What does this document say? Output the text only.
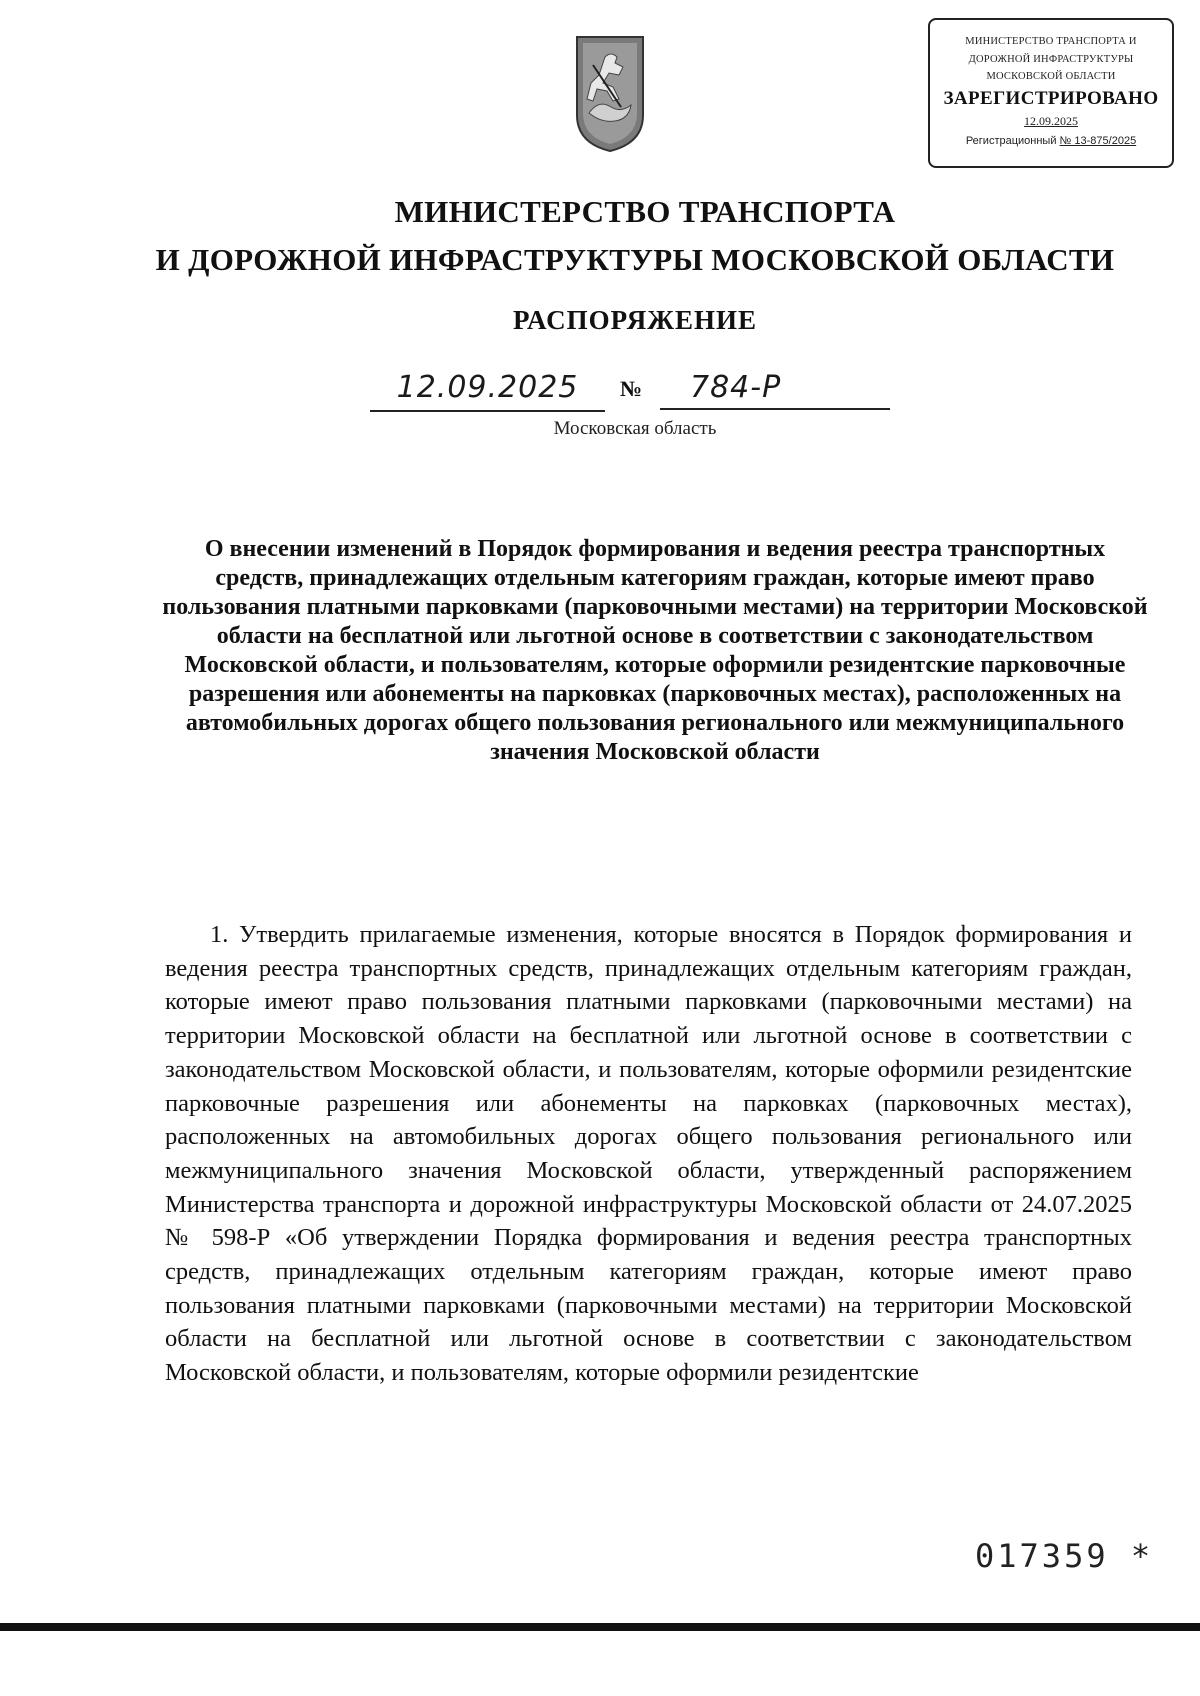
МИНИСТЕРСТВО ТРАНСПОРТА И
ДОРОЖНОЙ ИНФРАСТРУКТУРЫ
МОСКОВСКОЙ ОБЛАСТИ
ЗАРЕГИСТРИРОВАНО
12.09.2025
Регистрационный № 13-875/2025
МИНИСТЕРСТВО ТРАНСПОРТА
И ДОРОЖНОЙ ИНФРАСТРУКТУРЫ МОСКОВСКОЙ ОБЛАСТИ
РАСПОРЯЖЕНИЕ
12.09.2025	№	784-Р
Московская область
О внесении изменений в Порядок формирования и ведения реестра транспортных средств, принадлежащих отдельным категориям граждан, которые имеют право пользования платными парковками (парковочными местами) на территории Московской области на бесплатной или льготной основе в соответствии с законодательством Московской области, и пользователям, которые оформили резидентские парковочные разрешения или абонементы на парковках (парковочных местах), расположенных на автомобильных дорогах общего пользования регионального или межмуниципального значения Московской области

1. Утвердить прилагаемые изменения, которые вносятся в Порядок формирования и ведения реестра транспортных средств, принадлежащих отдельным категориям граждан, которые имеют право пользования платными парковками (парковочными местами) на территории Московской области на бесплатной или льготной основе в соответствии с законодательством Московской области, и пользователям, которые оформили резидентские парковочные разрешения или абонементы на парковках (парковочных местах), расположенных на автомобильных дорогах общего пользования регионального или межмуниципального значения Московской области, утвержденный распоряжением Министерства транспорта и дорожной инфраструктуры Московской области от 24.07.2025 № 598-Р «Об утверждении Порядка формирования и ведения реестра транспортных средств, принадлежащих отдельным категориям граждан, которые имеют право пользования платными парковками (парковочными местами) на территории Московской области на бесплатной или льготной основе в соответствии с законодательством Московской области, и пользователям, которые оформили резидентские

017359 *
